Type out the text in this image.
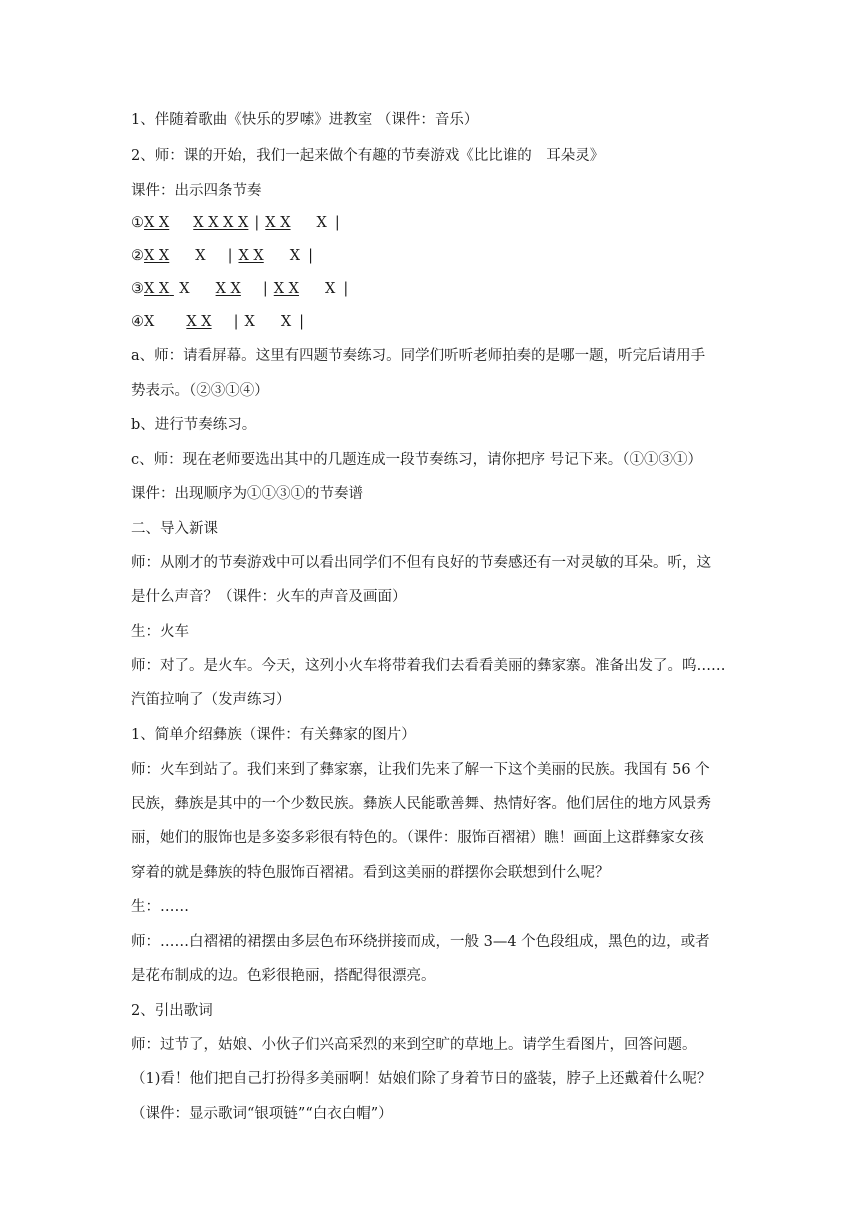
1、伴随着歌曲《快乐的罗嗦》进教室 （课件：音乐）
2、师：课的开始，我们一起来做个有趣的节奏游戏《比比谁的　耳朵灵》
课件：出示四条节奏
①X X X X X X | X X X |
②X X X | X X X |
③X X X X X | X X X |
④X X X | X X |
a、师：请看屏幕。这里有四题节奏练习。同学们听听老师拍奏的是哪一题，听完后请用手
势表示。（②③①④）
b、进行节奏练习。
c、师：现在老师要选出其中的几题连成一段节奏练习，请你把序 号记下来。（①①③①）
课件：出现顺序为①①③①的节奏谱
二、导入新课
师：从刚才的节奏游戏中可以看出同学们不但有良好的节奏感还有一对灵敏的耳朵。听，这
是什么声音？（课件：火车的声音及画面）
生：火车
师：对了。是火车。今天，这列小火车将带着我们去看看美丽的彝家寨。准备出发了。呜……
汽笛拉响了（发声练习）
1、简单介绍彝族（课件：有关彝家的图片）
师：火车到站了。我们来到了彝家寨，让我们先来了解一下这个美丽的民族。我国有 56 个
民族，彝族是其中的一个少数民族。彝族人民能歌善舞、热情好客。他们居住的地方风景秀
丽，她们的服饰也是多姿多彩很有特色的。（课件：服饰百褶裙）瞧！画面上这群彝家女孩
穿着的就是彝族的特色服饰百褶裙。看到这美丽的群摆你会联想到什么呢？
生：……
师：……白褶裙的裙摆由多层色布环绕拼接而成，一般 3—4 个色段组成，黑色的边，或者
是花布制成的边。色彩很艳丽，搭配得很漂亮。
2、引出歌词
师：过节了，姑娘、小伙子们兴高采烈的来到空旷的草地上。请学生看图片，回答问题。
（1)看！他们把自己打扮得多美丽啊！姑娘们除了身着节日的盛装，脖子上还戴着什么呢？
（课件：显示歌词“银项链”“白衣白帽”）
